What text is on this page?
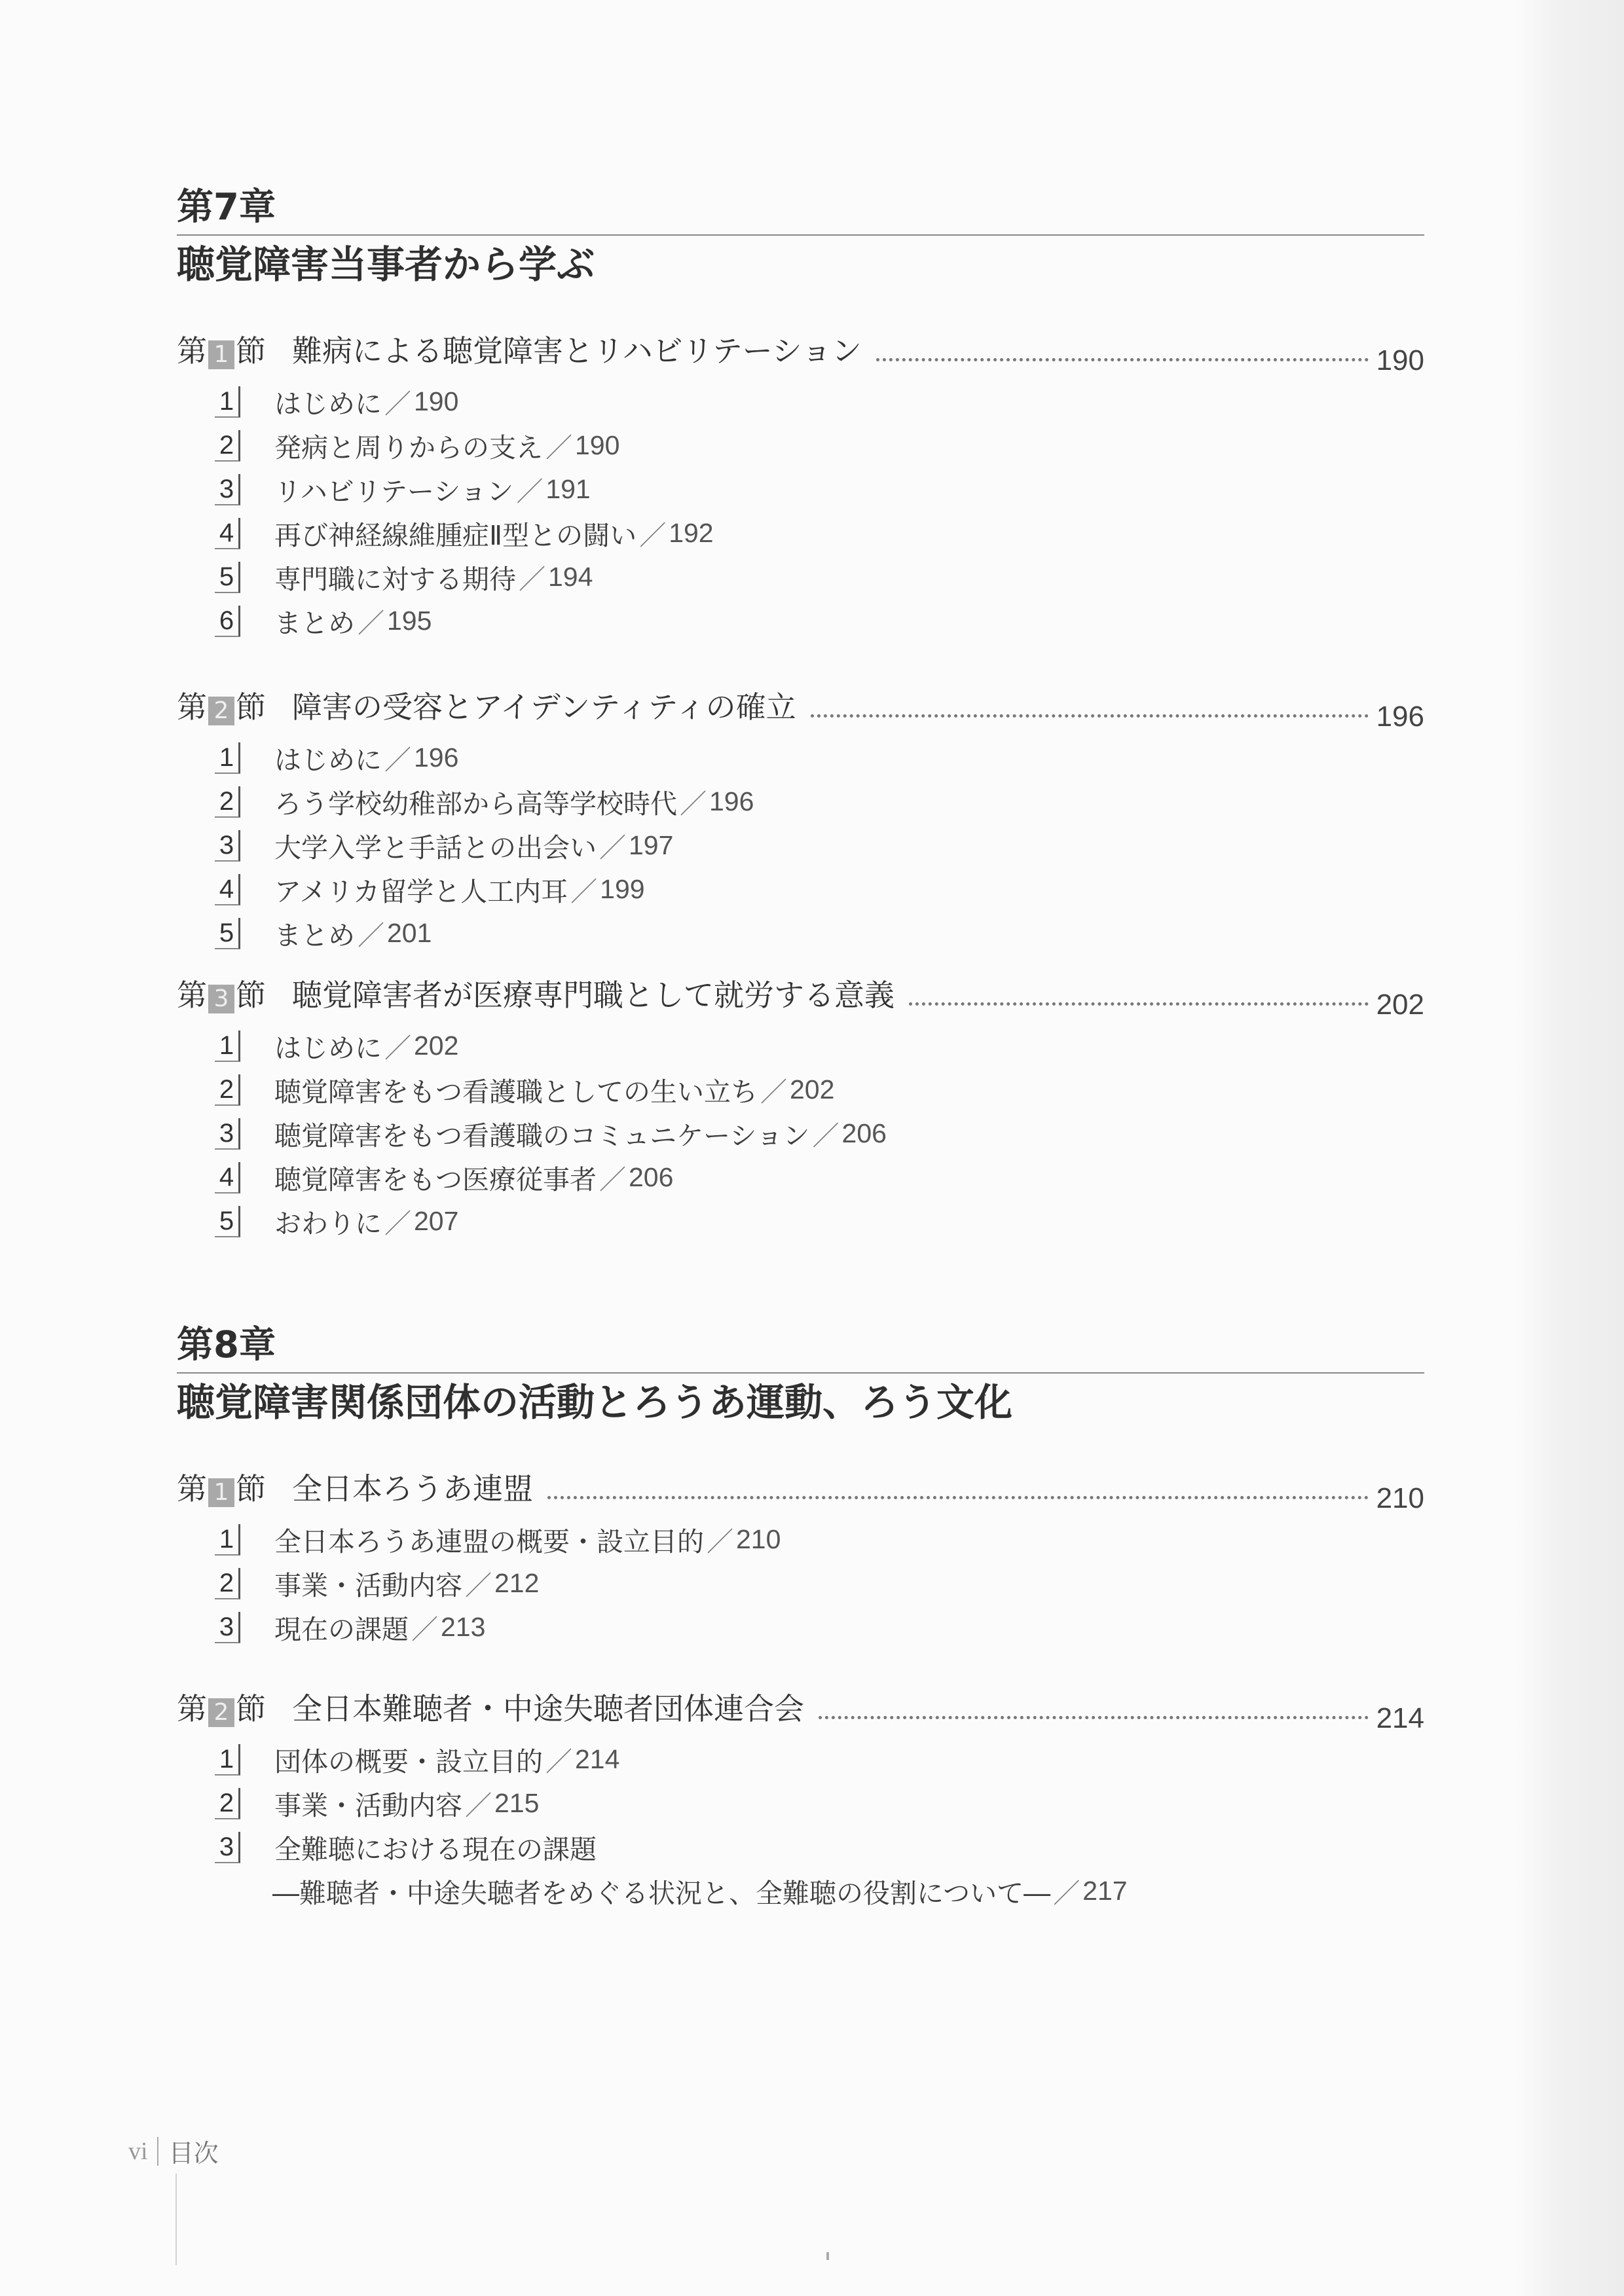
第7章
聴覚障害当事者から学ぶ
第 1 節 難病による聴覚障害とリハビリテーション	190
1 はじめに ／ 190
2 発病と周りからの支え ／ 190
3 リハビリテーション ／ 191
4 再び神経線維腫症Ⅱ型との闘い ／ 192
5 専門職に対する期待 ／ 194
6 まとめ ／ 195
第 2 節 障害の受容とアイデンティティの確立	196
1 はじめに ／ 196
2 ろう学校幼稚部から高等学校時代 ／ 196
3 大学入学と手話との出会い ／ 197
4 アメリカ留学と人工内耳 ／ 199
5 まとめ ／ 201
第 3 節 聴覚障害者が医療専門職として就労する意義	202
1 はじめに ／ 202
2 聴覚障害をもつ看護職としての生い立ち ／ 202
3 聴覚障害をもつ看護職のコミュニケーション ／ 206
4 聴覚障害をもつ医療従事者 ／ 206
5 おわりに ／ 207
第8章
聴覚障害関係団体の活動とろうあ運動、ろう文化
第 1 節 全日本ろうあ連盟	210
1 全日本ろうあ連盟の概要・設立目的 ／ 210
2 事業・活動内容 ／ 212
3 現在の課題 ／ 213
第 2 節 全日本難聴者・中途失聴者団体連合会	214
1 団体の概要・設立目的 ／ 214
2 事業・活動内容 ／ 215
3 全難聴における現在の課題
―難聴者・中途失聴者をめぐる状況と、全難聴の役割について― ／ 217
vi 目次
